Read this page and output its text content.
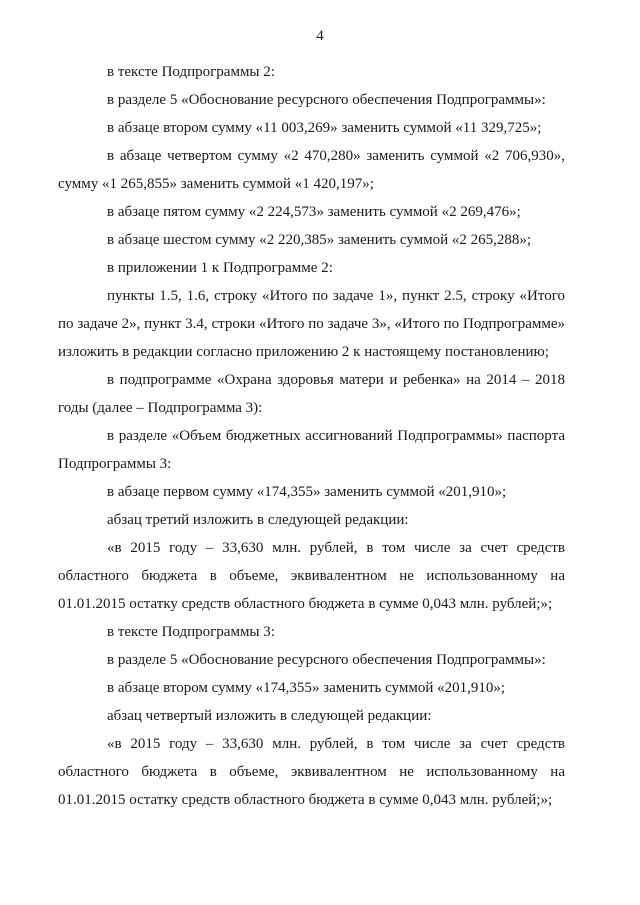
4

в тексте Подпрограммы 2:

в разделе 5 «Обоснование ресурсного обеспечения Подпрограммы»:

в абзаце втором сумму «11 003,269» заменить суммой «11 329,725»;

в абзаце четвертом сумму «2 470,280» заменить суммой «2 706,930», сумму «1 265,855» заменить суммой «1 420,197»;

в абзаце пятом сумму «2 224,573» заменить суммой «2 269,476»;

в абзаце шестом сумму «2 220,385» заменить суммой «2 265,288»;

в приложении 1 к Подпрограмме 2:

пункты 1.5, 1.6, строку «Итого по задаче 1», пункт 2.5, строку «Итого по задаче 2», пункт 3.4, строки «Итого по задаче 3», «Итого по Подпрограмме» изложить в редакции согласно приложению 2 к настоящему постановлению;

в подпрограмме «Охрана здоровья матери и ребенка» на 2014 – 2018 годы (далее – Подпрограмма 3):

в разделе «Объем бюджетных ассигнований Подпрограммы» паспорта Подпрограммы 3:

в абзаце первом сумму «174,355» заменить суммой «201,910»;

абзац третий изложить в следующей редакции:

«в 2015 году – 33,630 млн. рублей, в том числе за счет средств областного бюджета в объеме, эквивалентном не использованному на 01.01.2015 остатку средств областного бюджета в сумме 0,043 млн. рублей;»;

в тексте Подпрограммы 3:

в разделе 5 «Обоснование ресурсного обеспечения Подпрограммы»:

в абзаце втором сумму «174,355» заменить суммой «201,910»;

абзац четвертый изложить в следующей редакции:

«в 2015 году – 33,630 млн. рублей, в том числе за счет средств областного бюджета в объеме, эквивалентном не использованному на 01.01.2015 остатку средств областного бюджета в сумме 0,043 млн. рублей;»;
